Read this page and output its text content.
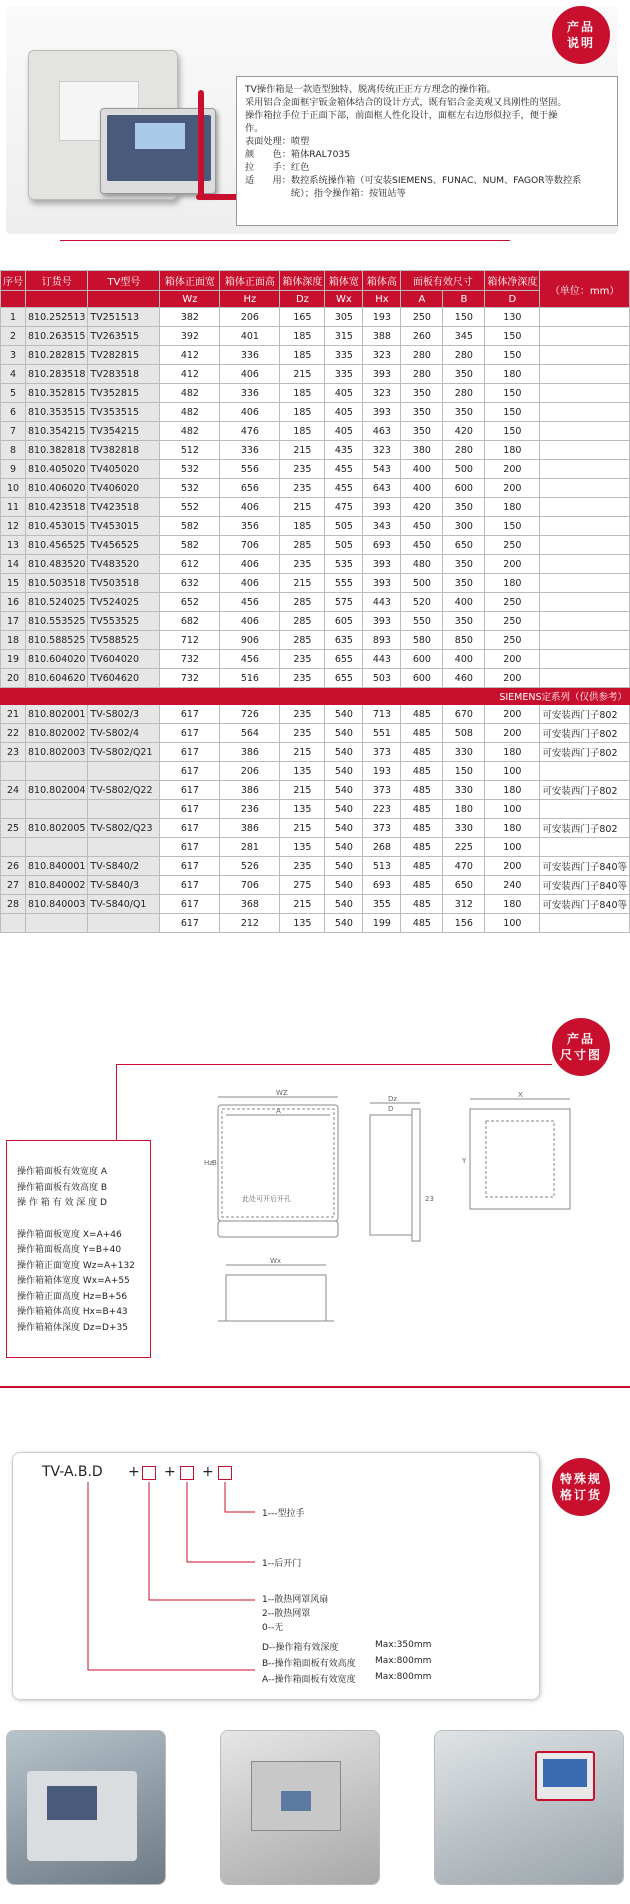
产品
说明
TV操作箱是一款造型独特、脱离传统正正方方理念的操作箱。
采用铝合金面框宇钣金箱体结合的设计方式，既有铝合金美观又具刚性的坚固。
操作箱拉手位于正面下部，前面框人性化设计，面框左右边形似拉手，便于操
作。
表面处理：喷塑
颜　　色：箱体RAL7035
拉　　手：红色
适　　用：数控系统操作箱（可安装SIEMENS、FUNAC、NUM、FAGOR等数控系
　　　　　统）；指令操作箱：按钮站等
序号	订货号	TV型号	箱体正面宽	箱体正面高	箱体深度	箱体宽	箱体高	面板有效尺寸		箱体净深度	（单位：mm）
			Wz	Hz	Dz	Wx	Hx	A	B	D	
1	810.252513	TV251513	382	206	165	305	193	250	150	130	
2	810.263515	TV263515	392	401	185	315	388	260	345	150	
3	810.282815	TV282815	412	336	185	335	323	280	280	150	
4	810.283518	TV283518	412	406	215	335	393	280	350	180	
5	810.352815	TV352815	482	336	185	405	323	350	280	150	
6	810.353515	TV353515	482	406	185	405	393	350	350	150	
7	810.354215	TV354215	482	476	185	405	463	350	420	150	
8	810.382818	TV382818	512	336	215	435	323	380	280	180	
9	810.405020	TV405020	532	556	235	455	543	400	500	200	
10	810.406020	TV406020	532	656	235	455	643	400	600	200	
11	810.423518	TV423518	552	406	215	475	393	420	350	180	
12	810.453015	TV453015	582	356	185	505	343	450	300	150	
13	810.456525	TV456525	582	706	285	505	693	450	650	250	
14	810.483520	TV483520	612	406	235	535	393	480	350	200	
15	810.503518	TV503518	632	406	215	555	393	500	350	180	
16	810.524025	TV524025	652	456	285	575	443	520	400	250	
17	810.553525	TV553525	682	406	285	605	393	550	350	250	
18	810.588525	TV588525	712	906	285	635	893	580	850	250	
19	810.604020	TV604020	732	456	235	655	443	600	400	200	
20	810.604620	TV604620	732	516	235	655	503	600	460	200	
SIEMENS定系列（仅供参考）											
21	810.802001	TV-S802/3	617	726	235	540	713	485	670	200	可安装西门子802
22	810.802002	TV-S802/4	617	564	235	540	551	485	508	200	可安装西门子802
23	810.802003	TV-S802/Q21	617	386	215	540	373	485	330	180	可安装西门子802
			617	206	135	540	193	485	150	100	
24	810.802004	TV-S802/Q22	617	386	215	540	373	485	330	180	可安装西门子802
			617	236	135	540	223	485	180	100	
25	810.802005	TV-S802/Q23	617	386	215	540	373	485	330	180	可安装西门子802
			617	281	135	540	268	485	225	100	
26	810.840001	TV-S840/2	617	526	235	540	513	485	470	200	可安装西门子840等
27	810.840002	TV-S840/3	617	706	275	540	693	485	650	240	可安装西门子840等
28	810.840003	TV-S840/Q1	617	368	215	540	355	485	312	180	可安装西门子840等
			617	212	135	540	199	485	156	100	
产品
尺寸图
操作箱面板有效宽度 A
操作箱面板有效高度 B
操 作 箱 有 效 深 度 D
操作箱面板宽度 X=A+46
操作箱面板高度 Y=B+40
操作箱正面宽度 Wz=A+132
操作箱箱体宽度 Wx=A+55
操作箱正面高度 Hz=B+56
操作箱箱体高度 Hx=B+43
操作箱箱体深度 Dz=D+35
WZ
A
Dz	X
Y
Hz B
D
23
Wx
此处可开后开孔
特殊规
格订货
TV-A.B.D + + +
1---型拉手
1--后开门
1--散热网罩风扇
2--散热网罩
0--无
D--操作箱有效深度	Max:350mm
B--操作箱面板有效高度 Max:800mm
A--操作箱面板有效宽度 Max:800mm
